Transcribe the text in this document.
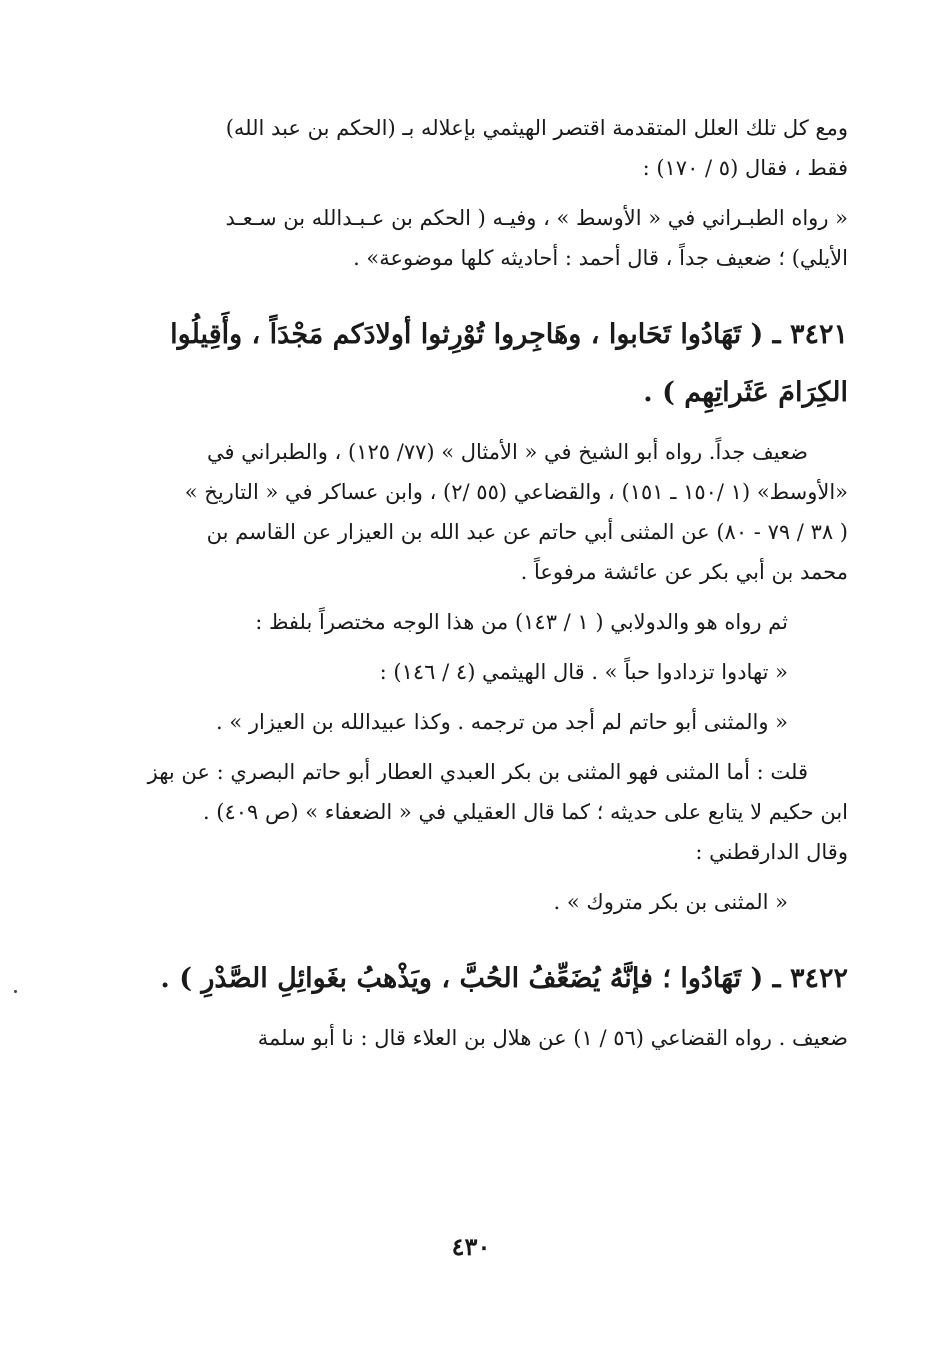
ومع كل تلك العلل المتقدمة اقتصر الهيثمي بإعلاله بـ (الحكم بن عبد الله)
فقط ، فقال (٥ / ١٧٠) :
« رواه الطبـراني في « الأوسط » ، وفيـه ( الحكم بن عـبـدالله بن سـعـد
الأيلي) ؛ ضعيف جداً ، قال أحمد : أحاديثه كلها موضوعة» .
٣٤٢١ ـ ( تَهَادُوا تَحَابوا ، وهَاجِروا تُوْرِثوا أولادَكم مَجْدَاً ، وأَقِيلُوا
الكِرَامَ عَثَراتِهِم ) .
ضعيف جداً. رواه أبو الشيخ في « الأمثال » (٧٧/ ١٢٥) ، والطبراني في
«الأوسط» (١ /١٥٠ ـ ١٥١) ، والقضاعي (٥٥ /٢) ، وابن عساكر في « التاريخ »
( ٣٨ / ٧٩ - ٨٠) عن المثنى أبي حاتم عن عبد الله بن العيزار عن القاسم بن
محمد بن أبي بكر عن عائشة مرفوعاً .
ثم رواه هو والدولابي ( ١ / ١٤٣) من هذا الوجه مختصراً بلفظ :
« تهادوا تزدادوا حباً » . قال الهيثمي (٤ / ١٤٦) :
« والمثنى أبو حاتم لم أجد من ترجمه . وكذا عبيدالله بن العيزار » .
قلت : أما المثنى فهو المثنى بن بكر العبدي العطار أبو حاتم البصري : عن بهز
ابن حكيم لا يتابع على حديثه ؛ كما قال العقيلي في « الضعفاء » (ص ٤٠٩) .
وقال الدارقطني :
« المثنى بن بكر متروك » .
٣٤٢٢ ـ ( تَهَادُوا ؛ فإنَّهُ يُضَعِّفُ الحُبَّ ، ويَذْهبُ بغَوائِلِ الصَّدْرِ ) .
ضعيف . رواه القضاعي (٥٦ / ١) عن هلال بن العلاء قال : نا أبو سلمة
٤٣٠
